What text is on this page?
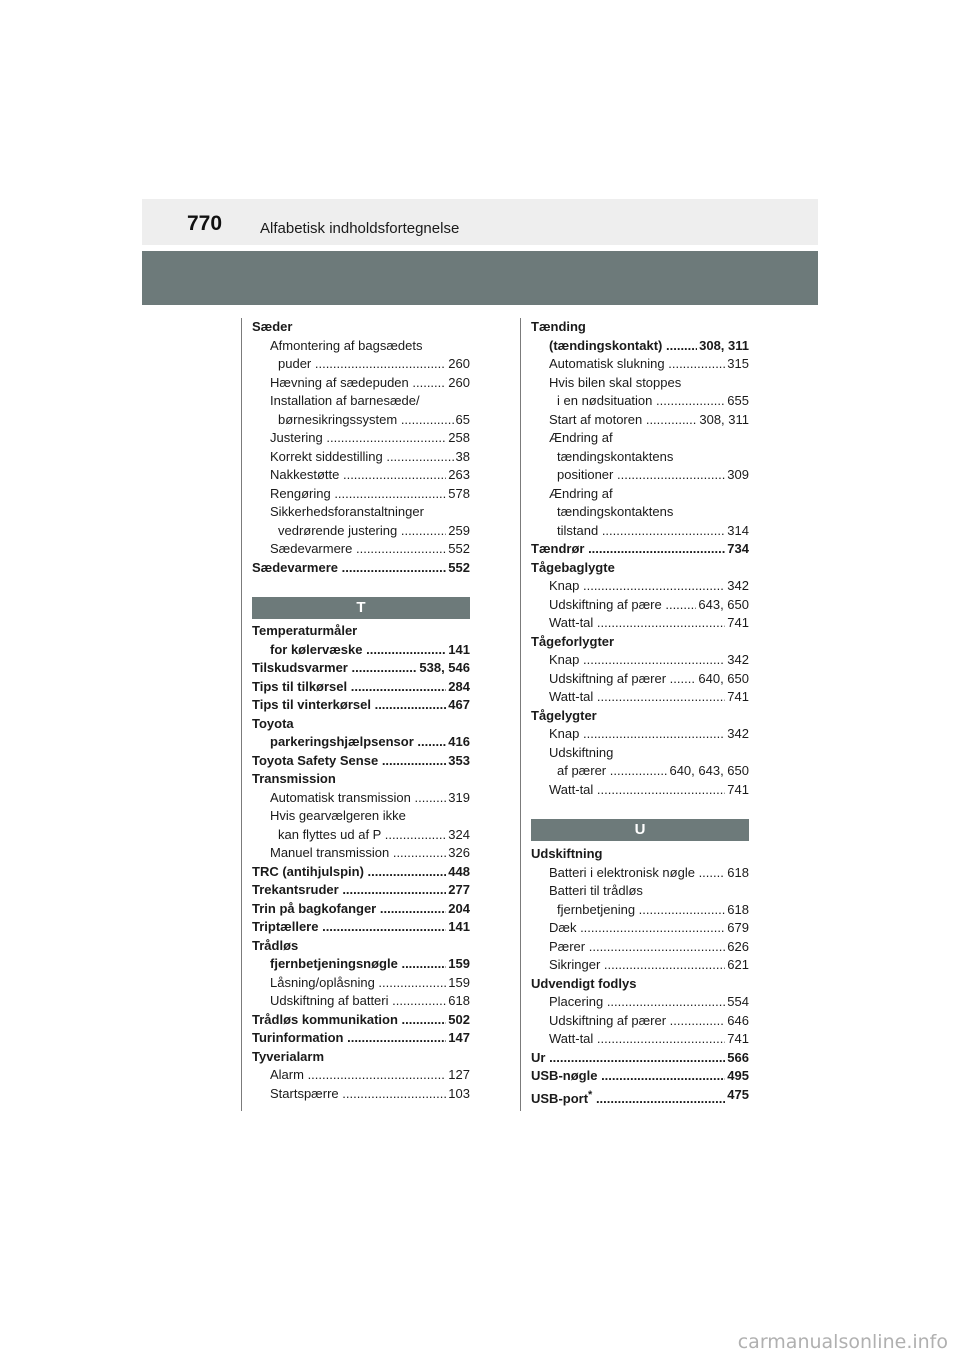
770	Alfabetisk indholdsfortegnelse
Sæder
Afmontering af bagsædets
puder .....	260
Hævning af sædepuden .....	260
Installation af barnesæde/
børnesikringssystem .....	65
Justering .....	258
Korrekt siddestilling .....	38
Nakkestøtte .....	263
Rengøring .....	578
Sikkerhedsforanstaltninger
vedrørende justering .....	259
Sædevarmere .....	552
Sædevarmere .....	552
T
Temperaturmåler
for kølervæske .....	141
Tilskudsvarmer .....	538, 546
Tips til tilkørsel .....	284
Tips til vinterkørsel .....	467
Toyota
parkeringshjælpsensor .....	416
Toyota Safety Sense .....	353
Transmission
Automatisk transmission .....	319
Hvis gearvælgeren ikke
kan flyttes ud af P .....	324
Manuel transmission .....	326
TRC (antihjulspin) .....	448
Trekantsruder .....	277
Trin på bagkofanger .....	204
Triptællere .....	141
Trådløs
fjernbetjeningsnøgle .....	159
Låsning/oplåsning .....	159
Udskiftning af batteri .....	618
Trådløs kommunikation .....	502
Turinformation .....	147
Tyverialarm
Alarm .....	127
Startspærre .....	103
Tænding
(tændingskontakt) .....	308, 311
Automatisk slukning .....	315
Hvis bilen skal stoppes
i en nødsituation .....	655
Start af motoren .....	308, 311
Ændring af
tændingskontaktens
positioner .....	309
Ændring af
tændingskontaktens
tilstand .....	314
Tændrør .....	734
Tågebaglygte
Knap .....	342
Udskiftning af pære .....	643, 650
Watt-tal .....	741
Tågeforlygter
Knap .....	342
Udskiftning af pærer .....	640, 650
Watt-tal .....	741
Tågelygter
Knap .....	342
Udskiftning
af pærer .....	640, 643, 650
Watt-tal .....	741
U
Udskiftning
Batteri i elektronisk nøgle .....	618
Batteri til trådløs
fjernbetjening .....	618
Dæk .....	679
Pærer .....	626
Sikringer .....	621
Udvendigt fodlys
Placering .....	554
Udskiftning af pærer .....	646
Watt-tal .....	741
Ur .....	566
USB-nøgle .....	495
USB-port* .....	475
carmanualsonline.info
